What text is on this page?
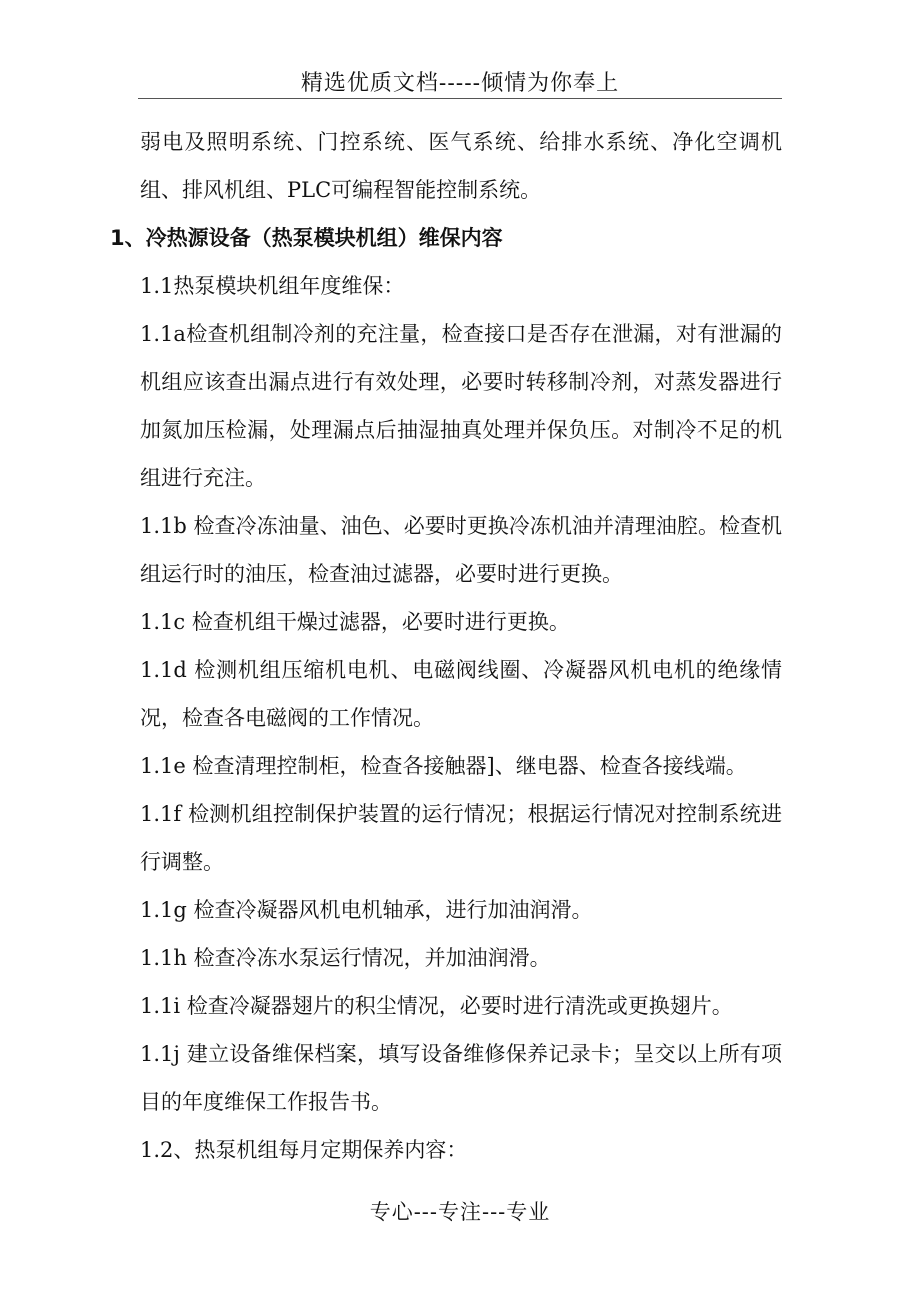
精选优质文档-----倾情为你奉上

弱电及照明系统、门控系统、医气系统、给排水系统、净化空调机组、排风机组、PLC可编程智能控制系统。

1、冷热源设备（热泵模块机组）维保内容

1.1热泵模块机组年度维保：

1.1a检查机组制冷剂的充注量，检查接口是否存在泄漏，对有泄漏的机组应该查出漏点进行有效处理，必要时转移制冷剂，对蒸发器进行加氮加压检漏，处理漏点后抽湿抽真处理并保负压。对制冷不足的机组进行充注。

1.1b 检查冷冻油量、油色、必要时更换冷冻机油并清理油腔。检查机组运行时的油压，检查油过滤器，必要时进行更换。

1.1c 检查机组干燥过滤器，必要时进行更换。

1.1d 检测机组压缩机电机、电磁阀线圈、冷凝器风机电机的绝缘情况，检查各电磁阀的工作情况。

1.1e 检查清理控制柜，检查各接触器]、继电器、检查各接线端。

1.1f 检测机组控制保护装置的运行情况；根据运行情况对控制系统进行调整。

1.1g 检查冷凝器风机电机轴承，进行加油润滑。

1.1h 检查冷冻水泵运行情况，并加油润滑。

1.1i 检查冷凝器翅片的积尘情况，必要时进行清洗或更换翅片。

1.1j 建立设备维保档案，填写设备维修保养记录卡；呈交以上所有项目的年度维保工作报告书。

1.2、热泵机组每月定期保养内容：

专心---专注---专业
